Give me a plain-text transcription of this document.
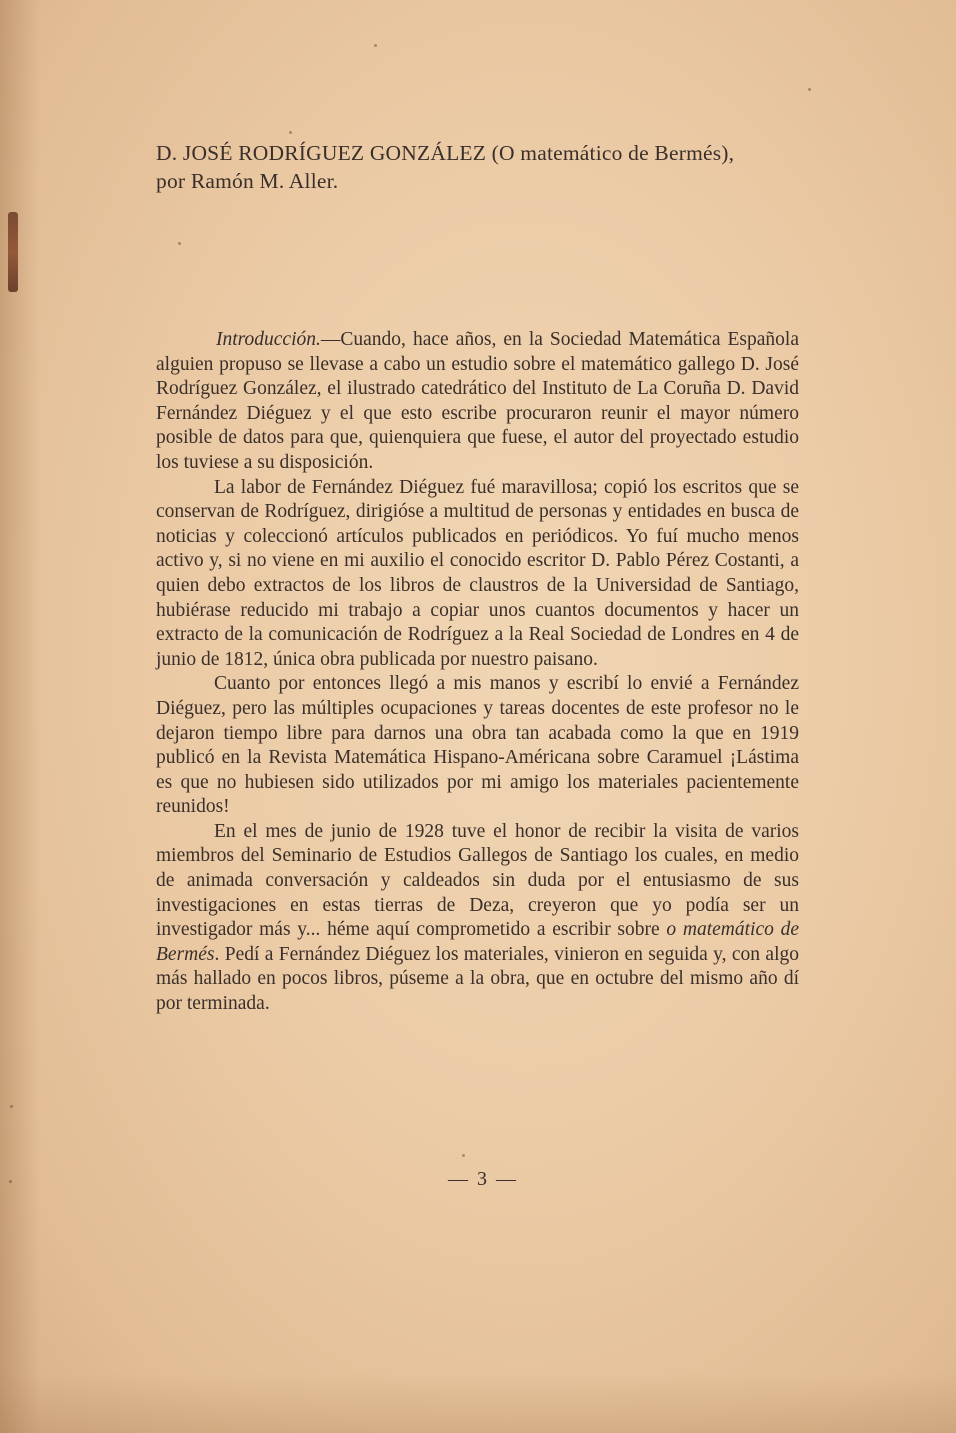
D. JOSÉ RODRÍGUEZ GONZÁLEZ (O matemático de Bermés),
por Ramón M. Aller.

Introducción.—Cuando, hace años, en la Sociedad Matemática Española alguien propuso se llevase a cabo un estudio sobre el matemático gallego D. José Rodríguez González, el ilustrado catedrático del Instituto de La Coruña D. David Fernández Diéguez y el que esto escribe procuraron reunir el mayor número posible de datos para que, quienquiera que fuese, el autor del proyectado estudio los tuviese a su disposición.

La labor de Fernández Diéguez fué maravillosa; copió los escritos que se conservan de Rodríguez, dirigióse a multitud de personas y entidades en busca de noticias y coleccionó artículos publicados en periódicos. Yo fuí mucho menos activo y, si no viene en mi auxilio el conocido escritor D. Pablo Pérez Costanti, a quien debo extractos de los libros de claustros de la Universidad de Santiago, hubiérase reducido mi trabajo a copiar unos cuantos documentos y hacer un extracto de la comunicación de Rodríguez a la Real Sociedad de Londres en 4 de junio de 1812, única obra publicada por nuestro paisano.

Cuanto por entonces llegó a mis manos y escribí lo envié a Fernández Diéguez, pero las múltiples ocupaciones y tareas docentes de este profesor no le dejaron tiempo libre para darnos una obra tan acabada como la que en 1919 publicó en la Revista Matemática Hispano-Américana sobre Caramuel ¡Lástima es que no hubiesen sido utilizados por mi amigo los materiales pacientemente reunidos!

En el mes de junio de 1928 tuve el honor de recibir la visita de varios miembros del Seminario de Estudios Gallegos de Santiago los cuales, en medio de animada conversación y caldeados sin duda por el entusiasmo de sus investigaciones en estas tierras de Deza, creyeron que yo podía ser un investigador más y... héme aquí comprometido a escribir sobre o matemático de Bermés. Pedí a Fernández Diéguez los materiales, vinieron en seguida y, con algo más hallado en pocos libros, púseme a la obra, que en octubre del mismo año dí por terminada.

— 3 —
